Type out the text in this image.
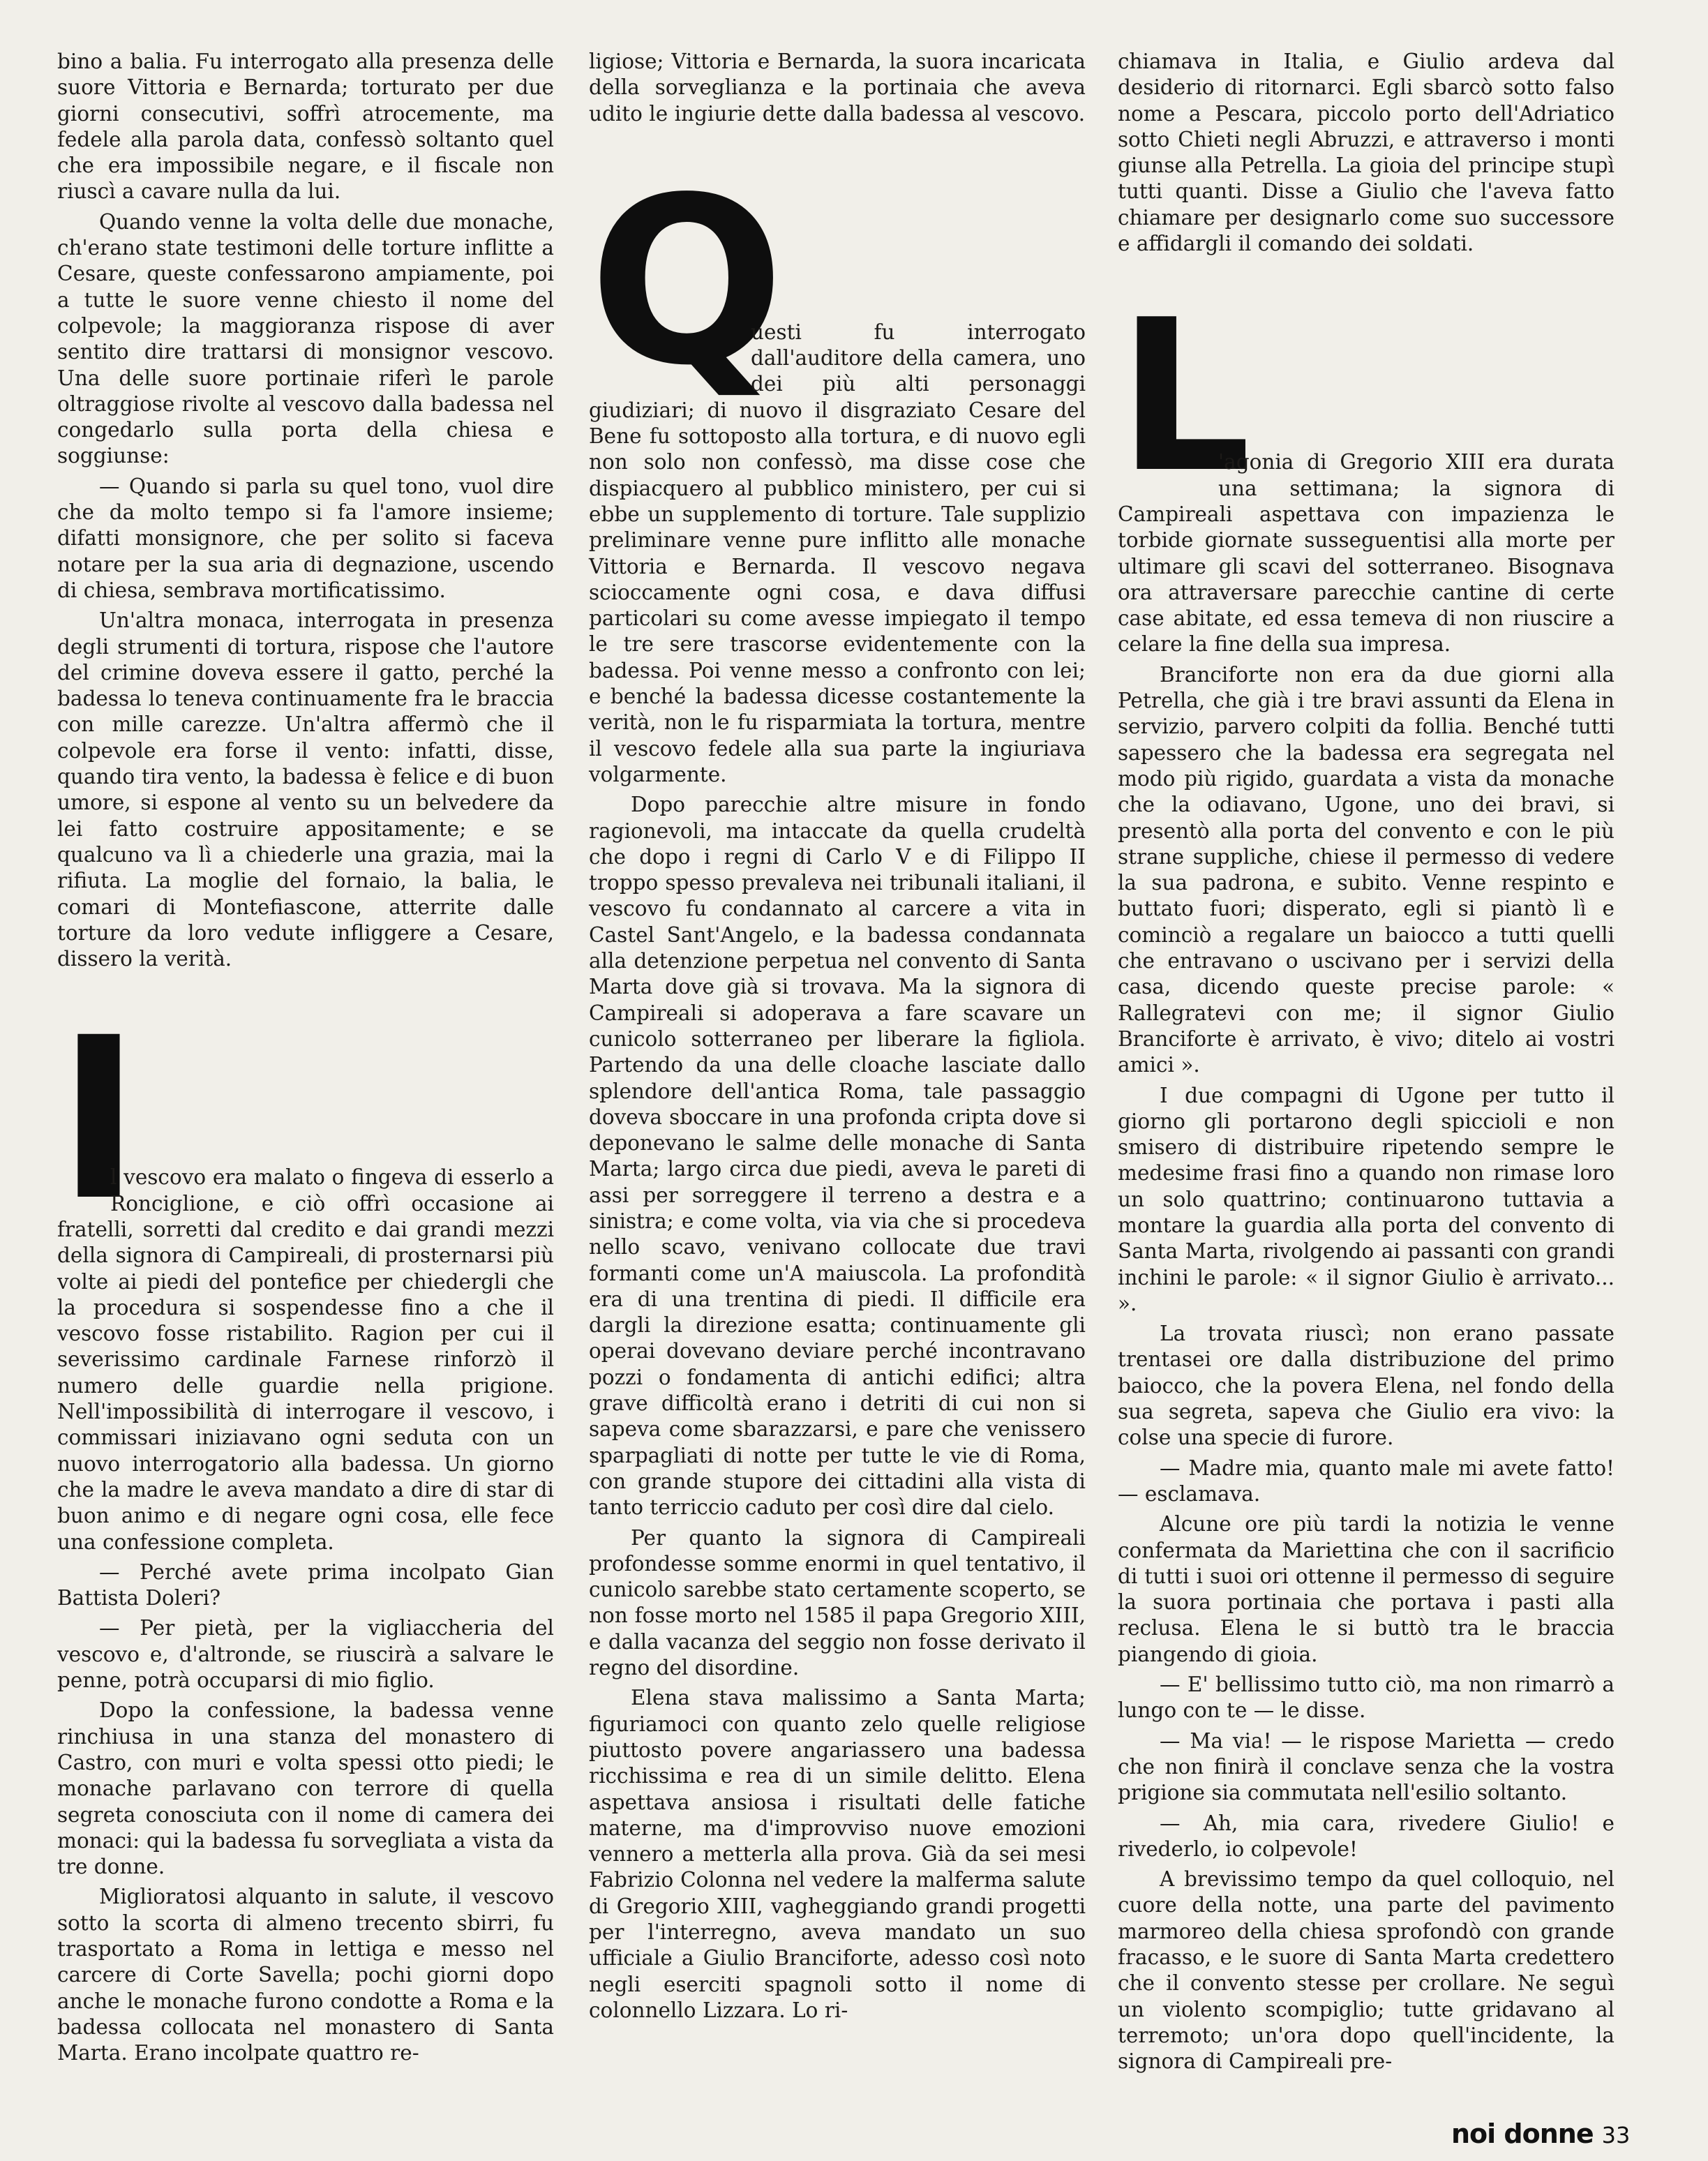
bino a balia. Fu interrogato alla presenza delle suore Vittoria e Bernarda; torturato per due giorni consecutivi, soffrì atrocemente, ma fedele alla parola data, confessò soltanto quel che era impossibile negare, e il fiscale non riuscì a cavare nulla da lui.

Quando venne la volta delle due monache, ch'erano state testimoni delle torture inflitte a Cesare, queste confessarono ampiamente, poi a tutte le suore venne chiesto il nome del colpevole; la maggioranza rispose di aver sentito dire trattarsi di monsignor vescovo. Una delle suore portinaie riferì le parole oltraggiose rivolte al vescovo dalla badessa nel congedarlo sulla porta della chiesa e soggiunse:

— Quando si parla su quel tono, vuol dire che da molto tempo si fa l'amore insieme; difatti monsignore, che per solito si faceva notare per la sua aria di degnazione, uscendo di chiesa, sembrava mortificatissimo.

Un'altra monaca, interrogata in presenza degli strumenti di tortura, rispose che l'autore del crimine doveva essere il gatto, perché la badessa lo teneva continuamente fra le braccia con mille carezze. Un'altra affermò che il colpevole era forse il vento: infatti, disse, quando tira vento, la badessa è felice e di buon umore, si espone al vento su un belvedere da lei fatto costruire appositamente; e se qualcuno va lì a chiederle una grazia, mai la rifiuta. La moglie del fornaio, la balia, le comari di Montefiascone, atterrite dalle torture da loro vedute infliggere a Cesare, dissero la verità.

I

l vescovo era malato o fingeva di esserlo a Ronciglione, e ciò offrì occasione ai fratelli, sorretti dal credito e dai grandi mezzi della signora di Campireali, di prosternarsi più volte ai piedi del pontefice per chiedergli che la procedura si sospendesse fino a che il vescovo fosse ristabilito. Ragion per cui il severissimo cardinale Farnese rinforzò il numero delle guardie nella prigione. Nell'impossibilità di interrogare il vescovo, i commissari iniziavano ogni seduta con un nuovo interrogatorio alla badessa. Un giorno che la madre le aveva mandato a dire di star di buon animo e di negare ogni cosa, elle fece una confessione completa.

— Perché avete prima incolpato Gian Battista Doleri?

— Per pietà, per la vigliaccheria del vescovo e, d'altronde, se riuscirà a salvare le penne, potrà occuparsi di mio figlio.

Dopo la confessione, la badessa venne rinchiusa in una stanza del monastero di Castro, con muri e volta spessi otto piedi; le monache parlavano con terrore di quella segreta conosciuta con il nome di camera dei monaci: qui la badessa fu sorvegliata a vista da tre donne.

Miglioratosi alquanto in salute, il vescovo sotto la scorta di almeno trecento sbirri, fu trasportato a Roma in lettiga e messo nel carcere di Corte Savella; pochi giorni dopo anche le monache furono condotte a Roma e la badessa collocata nel monastero di Santa Marta. Erano incolpate quattro re-

ligiose; Vittoria e Bernarda, la suora incaricata della sorveglianza e la portinaia che aveva udito le ingiurie dette dalla badessa al vescovo.

Q

uesti fu interrogato dall'auditore della camera, uno dei più alti personaggi giudiziari; di nuovo il disgraziato Cesare del Bene fu sottoposto alla tortura, e di nuovo egli non solo non confessò, ma disse cose che dispiacquero al pubblico ministero, per cui si ebbe un supplemento di torture. Tale supplizio preliminare venne pure inflitto alle monache Vittoria e Bernarda. Il vescovo negava scioccamente ogni cosa, e dava diffusi particolari su come avesse impiegato il tempo le tre sere trascorse evidentemente con la badessa. Poi venne messo a confronto con lei; e benché la badessa dicesse costantemente la verità, non le fu risparmiata la tortura, mentre il vescovo fedele alla sua parte la ingiuriava volgarmente.

Dopo parecchie altre misure in fondo ragionevoli, ma intaccate da quella crudeltà che dopo i regni di Carlo V e di Filippo II troppo spesso prevaleva nei tribunali italiani, il vescovo fu condannato al carcere a vita in Castel Sant'Angelo, e la badessa condannata alla detenzione perpetua nel convento di Santa Marta dove già si trovava. Ma la signora di Campireali si adoperava a fare scavare un cunicolo sotterraneo per liberare la figliola. Partendo da una delle cloache lasciate dallo splendore dell'antica Roma, tale passaggio doveva sboccare in una profonda cripta dove si deponevano le salme delle monache di Santa Marta; largo circa due piedi, aveva le pareti di assi per sorreggere il terreno a destra e a sinistra; e come volta, via via che si procedeva nello scavo, venivano collocate due travi formanti come un'A maiuscola. La profondità era di una trentina di piedi. Il difficile era dargli la direzione esatta; continuamente gli operai dovevano deviare perché incontravano pozzi o fondamenta di antichi edifici; altra grave difficoltà erano i detriti di cui non si sapeva come sbarazzarsi, e pare che venissero sparpagliati di notte per tutte le vie di Roma, con grande stupore dei cittadini alla vista di tanto terriccio caduto per così dire dal cielo.

Per quanto la signora di Campireali profondesse somme enormi in quel tentativo, il cunicolo sarebbe stato certamente scoperto, se non fosse morto nel 1585 il papa Gregorio XIII, e dalla vacanza del seggio non fosse derivato il regno del disordine.

Elena stava malissimo a Santa Marta; figuriamoci con quanto zelo quelle religiose piuttosto povere angariassero una badessa ricchissima e rea di un simile delitto. Elena aspettava ansiosa i risultati delle fatiche materne, ma d'improvviso nuove emozioni vennero a metterla alla prova. Già da sei mesi Fabrizio Colonna nel vedere la malferma salute di Gregorio XIII, vagheggiando grandi progetti per l'interregno, aveva mandato un suo ufficiale a Giulio Branciforte, adesso così noto negli eserciti spagnoli sotto il nome di colonnello Lizzara. Lo ri-

chiamava in Italia, e Giulio ardeva dal desiderio di ritornarci. Egli sbarcò sotto falso nome a Pescara, piccolo porto dell'Adriatico sotto Chieti negli Abruzzi, e attraverso i monti giunse alla Petrella. La gioia del principe stupì tutti quanti. Disse a Giulio che l'aveva fatto chiamare per designarlo come suo successore e affidargli il comando dei soldati.

L

'agonia di Gregorio XIII era durata una settimana; la signora di Campireali aspettava con impazienza le torbide giornate susseguentisi alla morte per ultimare gli scavi del sotterraneo. Bisognava ora attraversare parecchie cantine di certe case abitate, ed essa temeva di non riuscire a celare la fine della sua impresa.

Branciforte non era da due giorni alla Petrella, che già i tre bravi assunti da Elena in servizio, parvero colpiti da follia. Benché tutti sapessero che la badessa era segregata nel modo più rigido, guardata a vista da monache che la odiavano, Ugone, uno dei bravi, si presentò alla porta del convento e con le più strane suppliche, chiese il permesso di vedere la sua padrona, e subito. Venne respinto e buttato fuori; disperato, egli si piantò lì e cominciò a regalare un baiocco a tutti quelli che entravano o uscivano per i servizi della casa, dicendo queste precise parole: « Rallegratevi con me; il signor Giulio Branciforte è arrivato, è vivo; ditelo ai vostri amici ».

I due compagni di Ugone per tutto il giorno gli portarono degli spiccioli e non smisero di distribuire ripetendo sempre le medesime frasi fino a quando non rimase loro un solo quattrino; continuarono tuttavia a montare la guardia alla porta del convento di Santa Marta, rivolgendo ai passanti con grandi inchini le parole: « il signor Giulio è arrivato... ».

La trovata riuscì; non erano passate trentasei ore dalla distribuzione del primo baiocco, che la povera Elena, nel fondo della sua segreta, sapeva che Giulio era vivo: la colse una specie di furore.

— Madre mia, quanto male mi avete fatto! — esclamava.

Alcune ore più tardi la notizia le venne confermata da Mariettina che con il sacrificio di tutti i suoi ori ottenne il permesso di seguire la suora portinaia che portava i pasti alla reclusa. Elena le si buttò tra le braccia piangendo di gioia.

— E' bellissimo tutto ciò, ma non rimarrò a lungo con te — le disse.

— Ma via! — le rispose Marietta — credo che non finirà il conclave senza che la vostra prigione sia commutata nell'esilio soltanto.

— Ah, mia cara, rivedere Giulio! e rivederlo, io colpevole!

A brevissimo tempo da quel colloquio, nel cuore della notte, una parte del pavimento marmoreo della chiesa sprofondò con grande fracasso, e le suore di Santa Marta credettero che il convento stesse per crollare. Ne seguì un violento scompiglio; tutte gridavano al terremoto; un'ora dopo quell'incidente, la signora di Campireali pre-

noi donne 33
